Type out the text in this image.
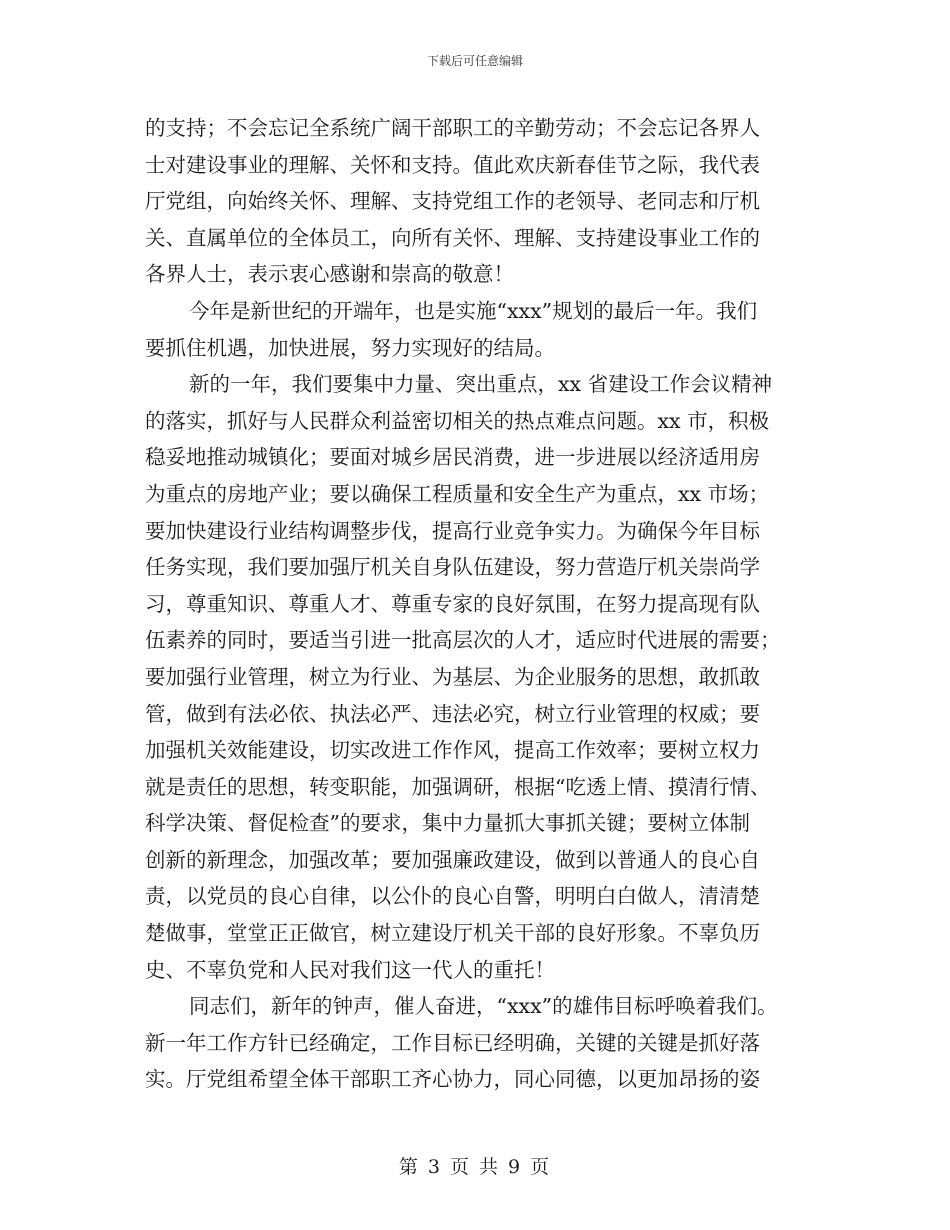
下载后可任意编辑
的支持；不会忘记全系统广阔干部职工的辛勤劳动；不会忘记各界人
士对建设事业的理解、关怀和支持。值此欢庆新春佳节之际，我代表
厅党组，向始终关怀、理解、支持党组工作的老领导、老同志和厅机
关、直属单位的全体员工，向所有关怀、理解、支持建设事业工作的
各界人士，表示衷心感谢和崇高的敬意！
今年是新世纪的开端年，也是实施“xxx”规划的最后一年。我们
要抓住机遇，加快进展，努力实现好的结局。
新的一年，我们要集中力量、突出重点，xx 省建设工作会议精神
的落实，抓好与人民群众利益密切相关的热点难点问题。xx 市，积极
稳妥地推动城镇化；要面对城乡居民消费，进一步进展以经济适用房
为重点的房地产业；要以确保工程质量和安全生产为重点，xx 市场；
要加快建设行业结构调整步伐，提高行业竞争实力。为确保今年目标
任务实现，我们要加强厅机关自身队伍建设，努力营造厅机关崇尚学
习，尊重知识、尊重人才、尊重专家的良好氛围，在努力提高现有队
伍素养的同时，要适当引进一批高层次的人才，适应时代进展的需要；
要加强行业管理，树立为行业、为基层、为企业服务的思想，敢抓敢
管，做到有法必依、执法必严、违法必究，树立行业管理的权威；要
加强机关效能建设，切实改进工作作风，提高工作效率；要树立权力
就是责任的思想，转变职能，加强调研，根据“吃透上情、摸清行情、
科学决策、督促检查”的要求，集中力量抓大事抓关键；要树立体制
创新的新理念，加强改革；要加强廉政建设，做到以普通人的良心自
责，以党员的良心自律，以公仆的良心自警，明明白白做人，清清楚
楚做事，堂堂正正做官，树立建设厅机关干部的良好形象。不辜负历
史、不辜负党和人民对我们这一代人的重托！
同志们，新年的钟声，催人奋进，“xxx”的雄伟目标呼唤着我们。
新一年工作方针已经确定，工作目标已经明确，关键的关键是抓好落
实。厅党组希望全体干部职工齐心协力，同心同德，以更加昂扬的姿
第 3 页 共 9 页
